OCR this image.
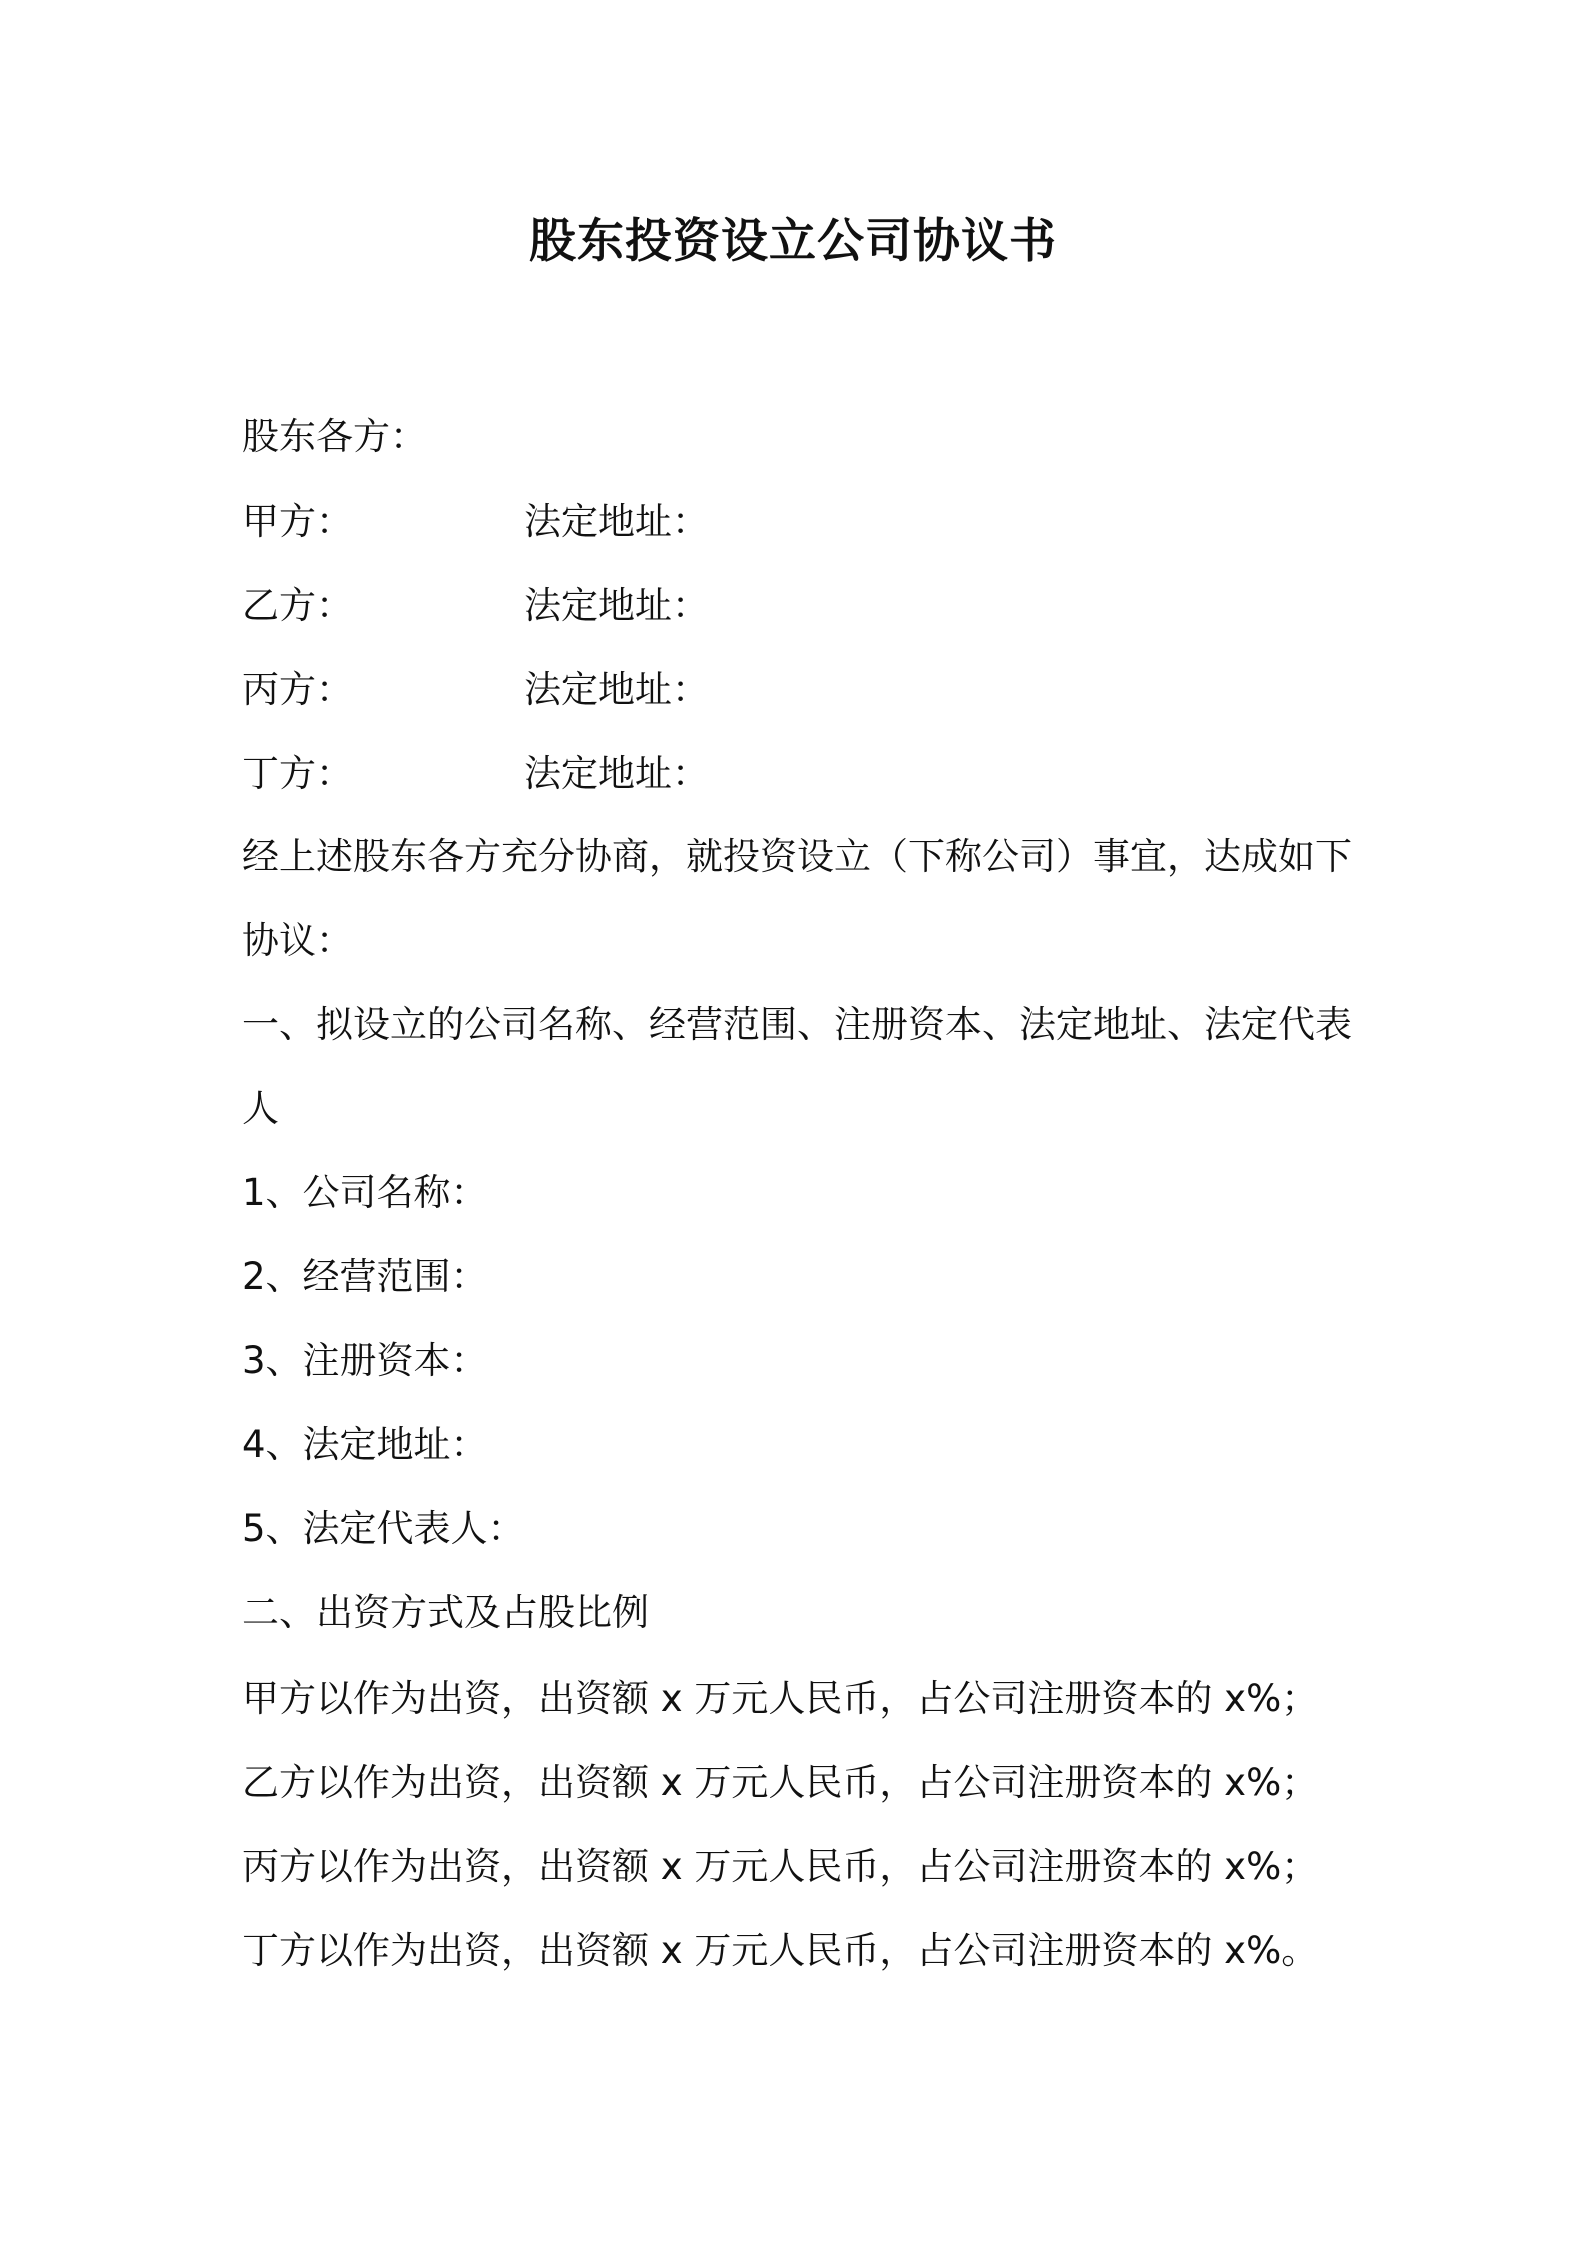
股东投资设立公司协议书
股东各方：
甲方：	法定地址：
乙方：	法定地址：
丙方：	法定地址：
丁方：	法定地址：
经上述股东各方充分协商，就投资设立（下称公司）事宜，达成如下
协议：
一、拟设立的公司名称、经营范围、注册资本、法定地址、法定代表
人
1、公司名称：
2、经营范围：
3、注册资本：
4、法定地址：
5、法定代表人：
二、出资方式及占股比例
甲方以作为出资，出资额 x 万元人民币，占公司注册资本的 x%；
乙方以作为出资，出资额 x 万元人民币，占公司注册资本的 x%；
丙方以作为出资，出资额 x 万元人民币，占公司注册资本的 x%；
丁方以作为出资，出资额 x 万元人民币，占公司注册资本的 x%。
